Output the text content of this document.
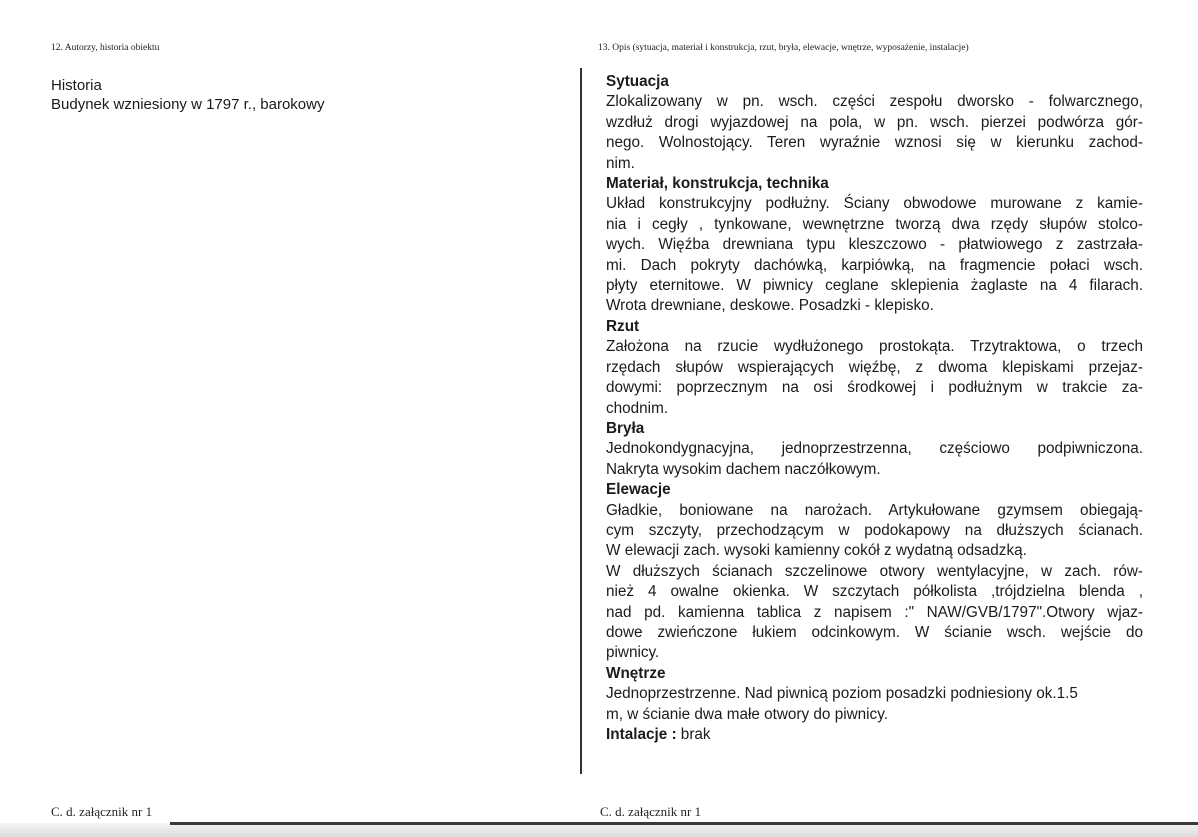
12. Autorzy, historia obiektu	13. Opis (sytuacja, materiał i konstrukcja, rzut, bryła, elewacje, wnętrze, wyposażenie, instalacje)
Historia
Budynek wzniesiony w 1797 r., barokowy
Sytuacja
Zlokalizowany w pn. wsch. części zespołu dworsko - folwarcznego,
wzdłuż drogi wyjazdowej na pola, w pn. wsch. pierzei podwórza gór-
nego. Wolnostojący. Teren wyraźnie wznosi się w kierunku zachod-
nim.
Materiał, konstrukcja, technika
Układ konstrukcyjny podłużny. Ściany obwodowe murowane z kamie-
nia i cegły , tynkowane, wewnętrzne tworzą dwa rzędy słupów stolco-
wych. Więźba drewniana typu kleszczowo - płatwiowego z zastrzała-
mi. Dach pokryty dachówką, karpiówką, na fragmencie połaci wsch.
płyty eternitowe. W piwnicy ceglane sklepienia żaglaste na 4 filarach.
Wrota drewniane, deskowe. Posadzki - klepisko.
Rzut
Założona na rzucie wydłużonego prostokąta. Trzytraktowa, o trzech
rzędach słupów wspierających więźbę, z dwoma klepiskami przejaz-
dowymi: poprzecznym na osi środkowej i podłużnym w trakcie za-
chodnim.
Bryła
Jednokondygnacyjna, jednoprzestrzenna, częściowo podpiwniczona.
Nakryta wysokim dachem naczółkowym.
Elewacje
Gładkie, boniowane na narożach. Artykułowane gzymsem obiegają-
cym szczyty, przechodzącym w podokapowy na dłuższych ścianach.
W elewacji zach. wysoki kamienny cokół z wydatną odsadzką.
W dłuższych ścianach szczelinowe otwory wentylacyjne, w zach. rów-
nież 4 owalne okienka. W szczytach półkolista ,trójdzielna blenda ,
nad pd. kamienna tablica z napisem :" NAW/GVB/1797".Otwory wjaz-
dowe zwieńczone łukiem odcinkowym. W ścianie wsch. wejście do
piwnicy.
Wnętrze
Jednoprzestrzenne. Nad piwnicą poziom posadzki podniesiony ok.1.5
m, w ścianie dwa małe otwory do piwnicy.
Intalacje : brak
C. d. załącznik nr 1	C. d. załącznik nr 1
